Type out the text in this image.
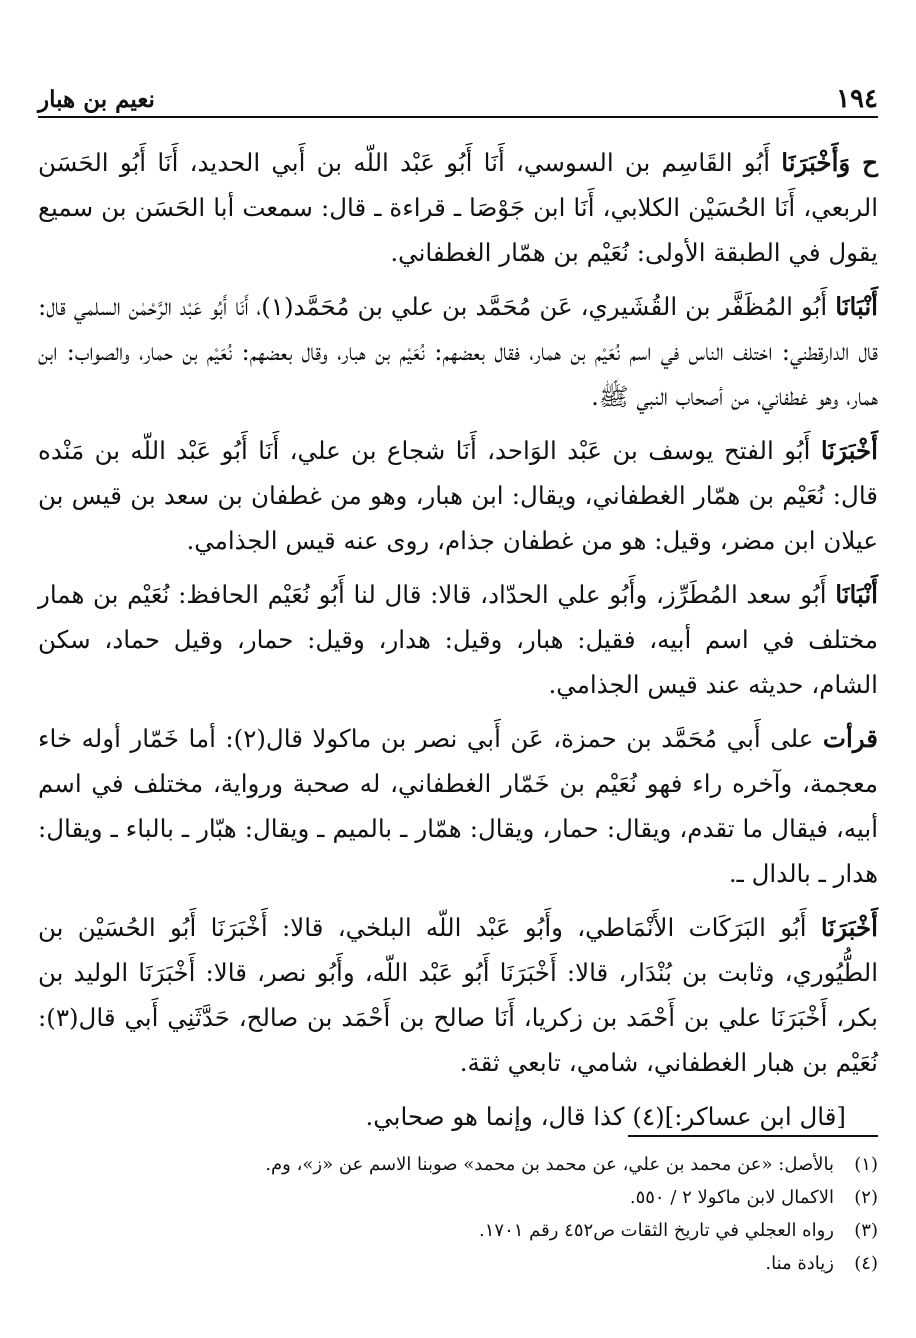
١٩٤
نعيم بن هبار

ح وَأَخْبَرَنَا أَبُو القَاسِم بن السوسي، أَنَا أَبُو عَبْد اللّه بن أَبي الحديد، أَنَا أَبُو الحَسَن الربعي، أَنَا الحُسَيْن الكلابي، أَنَا ابن جَوْصَا ـ قراءة ـ قال: سمعت أبا الحَسَن بن سميع يقول في الطبقة الأولى: نُعَيْم بن همّار الغطفاني.

أَنْبَانَا أَبُو المُظَفَّر بن القُشَيري، عَن مُحَمَّد بن علي بن مُحَمَّد(١)، أَنَا أَبُو عَبْد الرَّحْمٰن السلمي قال: قال الدارقطني: اختلف الناس في اسم نُعَيْم بن همار، فقال بعضهم: نُعَيْم بن هبار، وقال بعضهم: نُعَيْم بن حمار، والصواب: ابن همار، وهو غطفاني، من أصحاب النبي ﷺ.

أَخْبَرَنَا أَبُو الفتح يوسف بن عَبْد الوَاحد، أَنَا شجاع بن علي، أَنَا أَبُو عَبْد اللّه بن مَنْده قال: نُعَيْم بن همّار الغطفاني، ويقال: ابن هبار، وهو من غطفان بن سعد بن قيس بن عيلان ابن مضر، وقيل: هو من غطفان جذام، روى عنه قيس الجذامي.

أَنْبَانَا أَبُو سعد المُطَرِّز، وأَبُو علي الحدّاد، قالا: قال لنا أَبُو نُعَيْم الحافظ: نُعَيْم بن همار مختلف في اسم أبيه، فقيل: هبار، وقيل: هدار، وقيل: حمار، وقيل حماد، سكن الشام، حديثه عند قيس الجذامي.

قرأت على أَبي مُحَمَّد بن حمزة، عَن أَبي نصر بن ماكولا قال(٢): أما خَمّار أوله خاء معجمة، وآخره راء فهو نُعَيْم بن خَمّار الغطفاني، له صحبة ورواية، مختلف في اسم أبيه، فيقال ما تقدم، ويقال: حمار، ويقال: همّار ـ بالميم ـ ويقال: هبّار ـ بالباء ـ ويقال: هدار ـ بالدال ـ.

أَخْبَرَنَا أَبُو البَرَكَات الأَنْمَاطي، وأَبُو عَبْد اللّه البلخي، قالا: أَخْبَرَنَا أَبُو الحُسَيْن بن الطُّيُوري، وثابت بن بُنْدَار، قالا: أَخْبَرَنَا أَبُو عَبْد اللّه، وأَبُو نصر، قالا: أَخْبَرَنَا الوليد بن بكر، أَخْبَرَنَا علي بن أَحْمَد بن زكريا، أَنَا صالح بن أَحْمَد بن صالح، حَدَّثَنِي أَبي قال(٣): نُعَيْم بن هبار الغطفاني، شامي، تابعي ثقة.

[قال ابن عساكر:](٤) كذا قال، وإنما هو صحابي.

(١)
بالأصل: «عن محمد بن علي، عن محمد بن محمد» صوبنا الاسم عن «ز»، وم.
(٢)
الاكمال لابن ماكولا ٢ / ٥٥٠.
(٣)
رواه العجلي في تاريخ الثقات ص٤٥٢ رقم ١٧٠١.
(٤)
زيادة منا.
